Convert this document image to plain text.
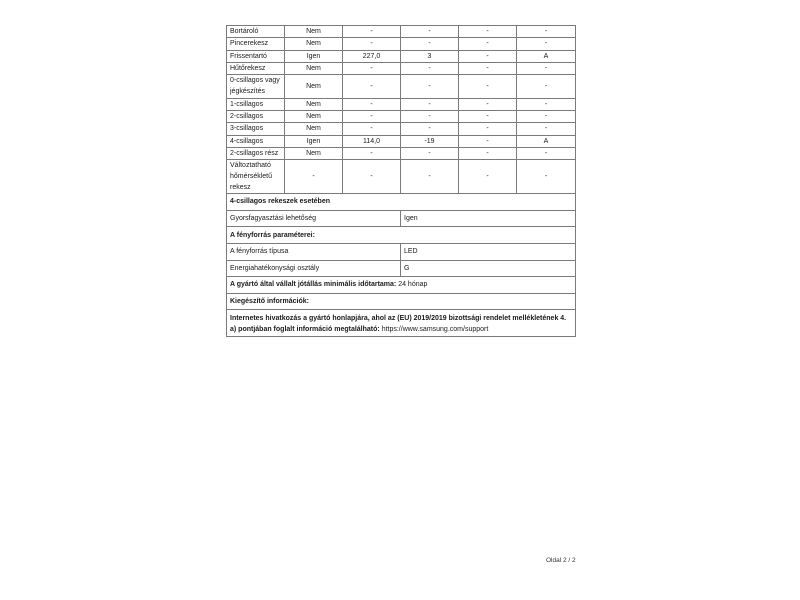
Bortároló	Nem	-	-	-	-
Pincerekesz	Nem	-	-	-	-
Frissentartó	Igen	227,0	3	-	A
Hűtőrekesz	Nem	-	-	-	-
0-csillagos vagy jégkészítés	Nem	-	-	-	-
1-csillagos	Nem	-	-	-	-
2-csillagos	Nem	-	-	-	-
3-csillagos	Nem	-	-	-	-
4-csillagos	Igen	114,0	-19	-	A
2-csillagos rész	Nem	-	-	-	-
Változtatható hőmérsékletű rekesz	-	-	-	-	-
4-csillagos rekeszek esetében					
Gyorsfagyasztási lehetőség			Igen		
A fényforrás paraméterei:					
A fényforrás típusa			LED		
Energiahatékonysági osztály			G		
A gyártó által vállalt jótállás minimális időtartama: 24 hónap					
Kiegészítő információk:					
Internetes hivatkozás a gyártó honlapjára, ahol az (EU) 2019/2019 bizottsági rendelet mellékletének 4. a) pontjában foglalt információ megtalálható: https://www.samsung.com/support					
Oldal 2 / 2
